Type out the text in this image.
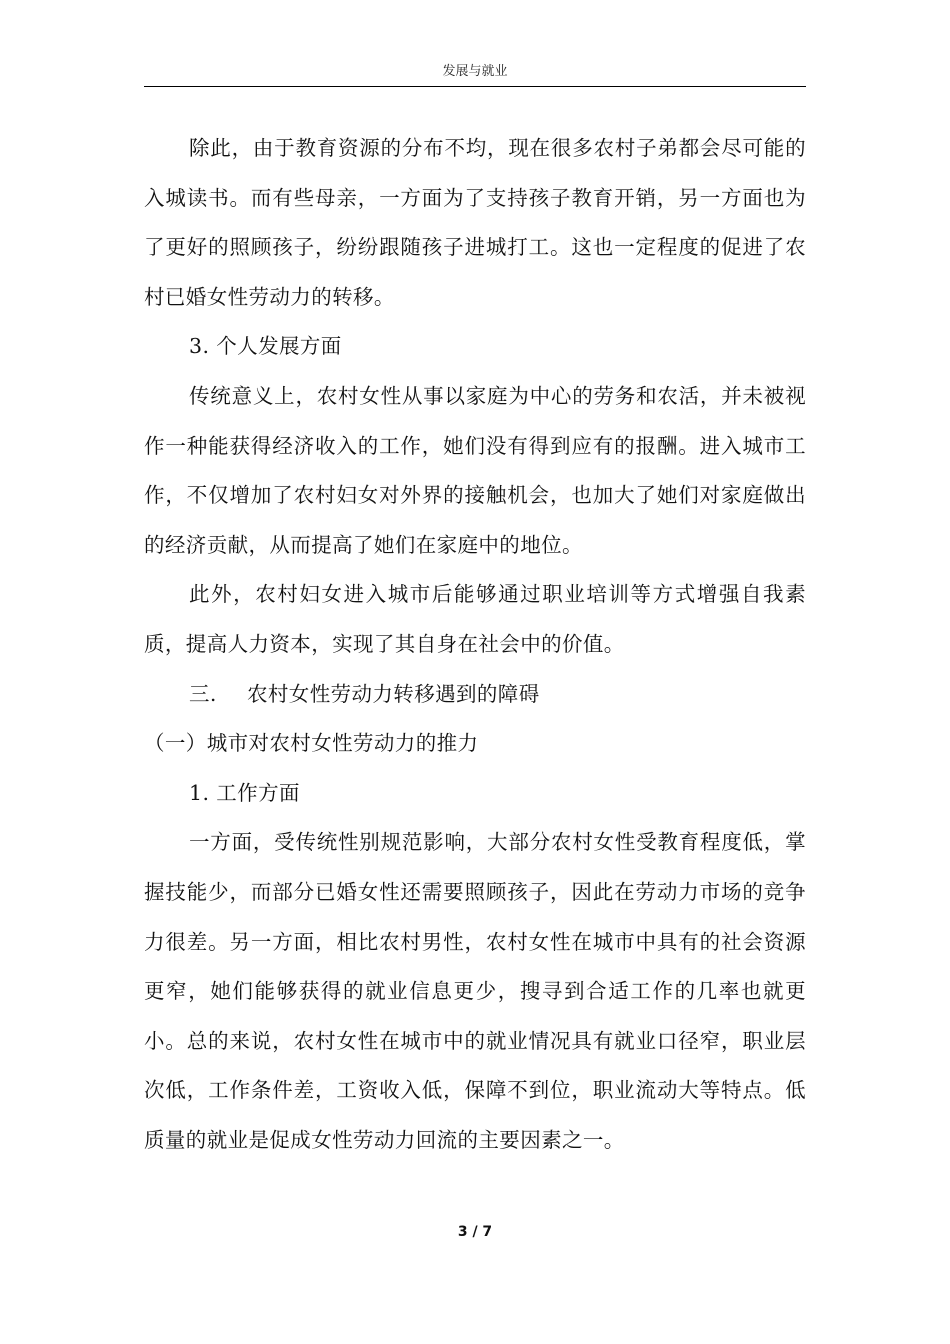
发展与就业

除此，由于教育资源的分布不均，现在很多农村子弟都会尽可能的入城读书。而有些母亲，一方面为了支持孩子教育开销，另一方面也为了更好的照顾孩子，纷纷跟随孩子进城打工。这也一定程度的促进了农村已婚女性劳动力的转移。

3. 个人发展方面

传统意义上，农村女性从事以家庭为中心的劳务和农活，并未被视作一种能获得经济收入的工作，她们没有得到应有的报酬。进入城市工作，不仅增加了农村妇女对外界的接触机会，也加大了她们对家庭做出的经济贡献，从而提高了她们在家庭中的地位。

此外，农村妇女进入城市后能够通过职业培训等方式增强自我素质，提高人力资本，实现了其自身在社会中的价值。

三. 农村女性劳动力转移遇到的障碍

（一）城市对农村女性劳动力的推力

1. 工作方面

一方面，受传统性别规范影响，大部分农村女性受教育程度低，掌握技能少，而部分已婚女性还需要照顾孩子，因此在劳动力市场的竞争力很差。另一方面，相比农村男性，农村女性在城市中具有的社会资源更窄，她们能够获得的就业信息更少，搜寻到合适工作的几率也就更小。总的来说，农村女性在城市中的就业情况具有就业口径窄，职业层次低，工作条件差，工资收入低，保障不到位，职业流动大等特点。低质量的就业是促成女性劳动力回流的主要因素之一。

3 / 7
